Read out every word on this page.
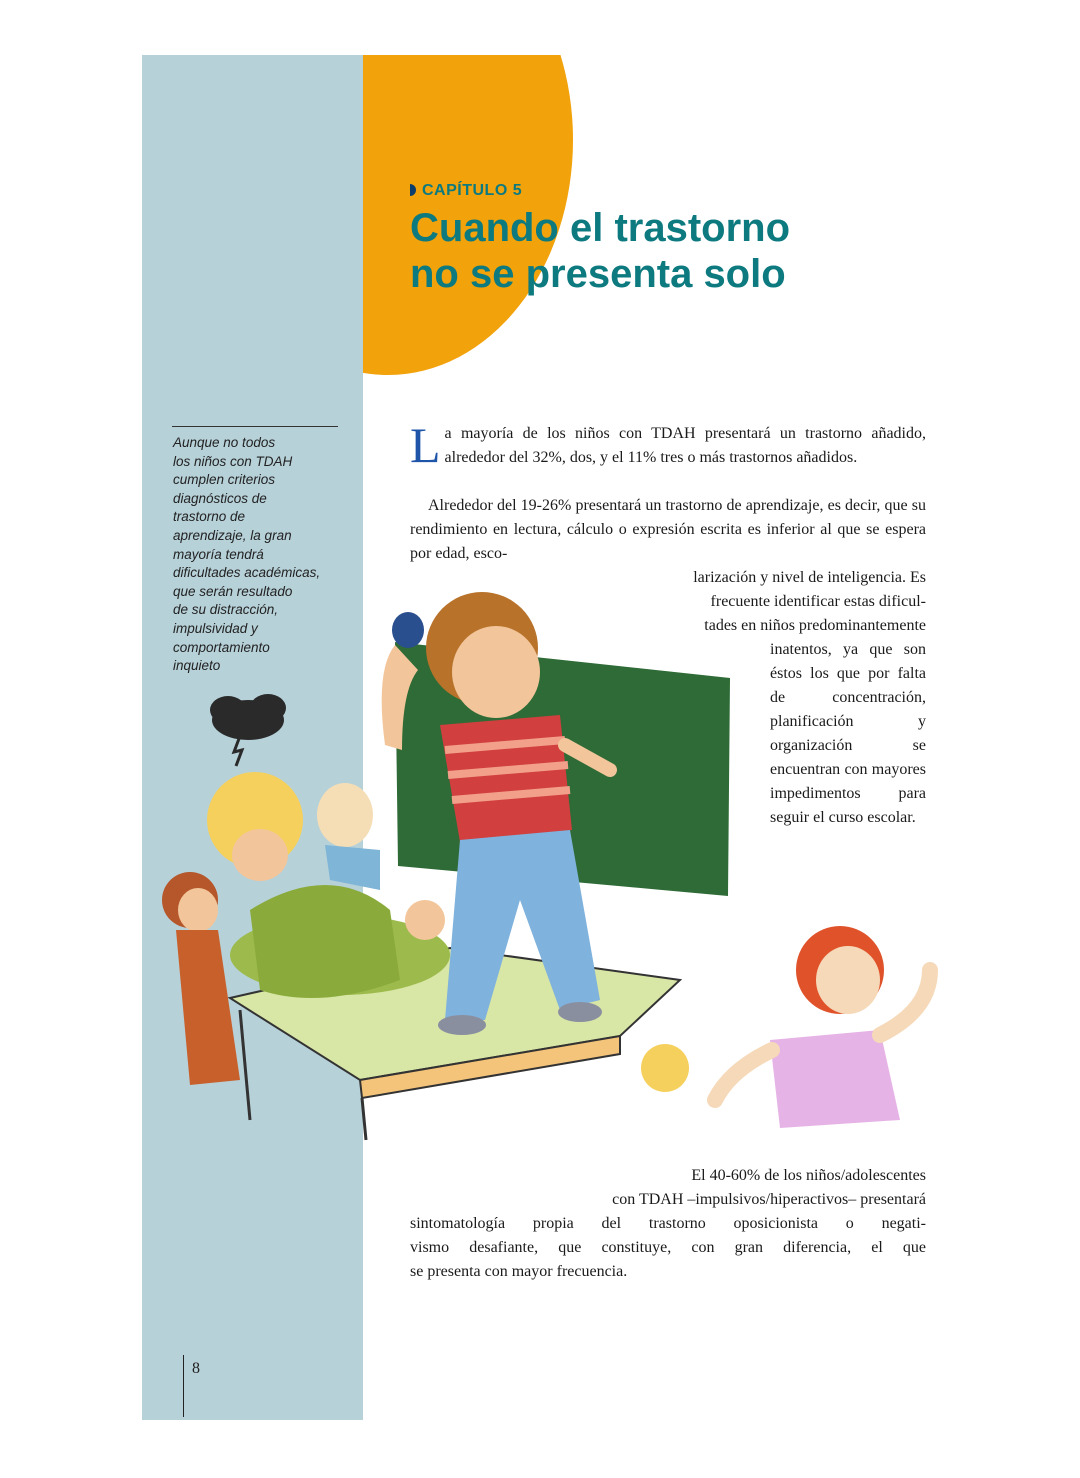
CAPÍTULO 5
Cuando el trastorno
no se presenta solo
Aunque no todos
los niños con TDAH
cumplen criterios
diagnósticos de
trastorno de
aprendizaje, la gran
mayoría tendrá
dificultades académicas,
que serán resultado
de su distracción,
impulsividad y
comportamiento
inquieto
La mayoría de los niños con TDAH presentará un trastorno añadido, alrededor del 32%, dos, y el 11% tres o más trastornos añadidos.
Alrededor del 19-26% presentará un trastorno de aprendizaje, es decir, que su rendimiento en lectura, cálculo o expresión escrita es inferior al que se espera por edad, esco-
larización y nivel de inteligencia. Es
frecuente identificar estas dificul-
tades en niños predominantemente
inatentos, ya que son éstos los que por falta de concentración, planificación y organización se encuentran con mayores impedimentos para seguir el curso escolar.
El 40-60% de los niños/adolescentes
con TDAH –impulsivos/hiperactivos– presentará
sintomatología propia del trastorno oposicionista o negati-
vismo desafiante, que constituye, con gran diferencia, el que
se presenta con mayor frecuencia.
8
